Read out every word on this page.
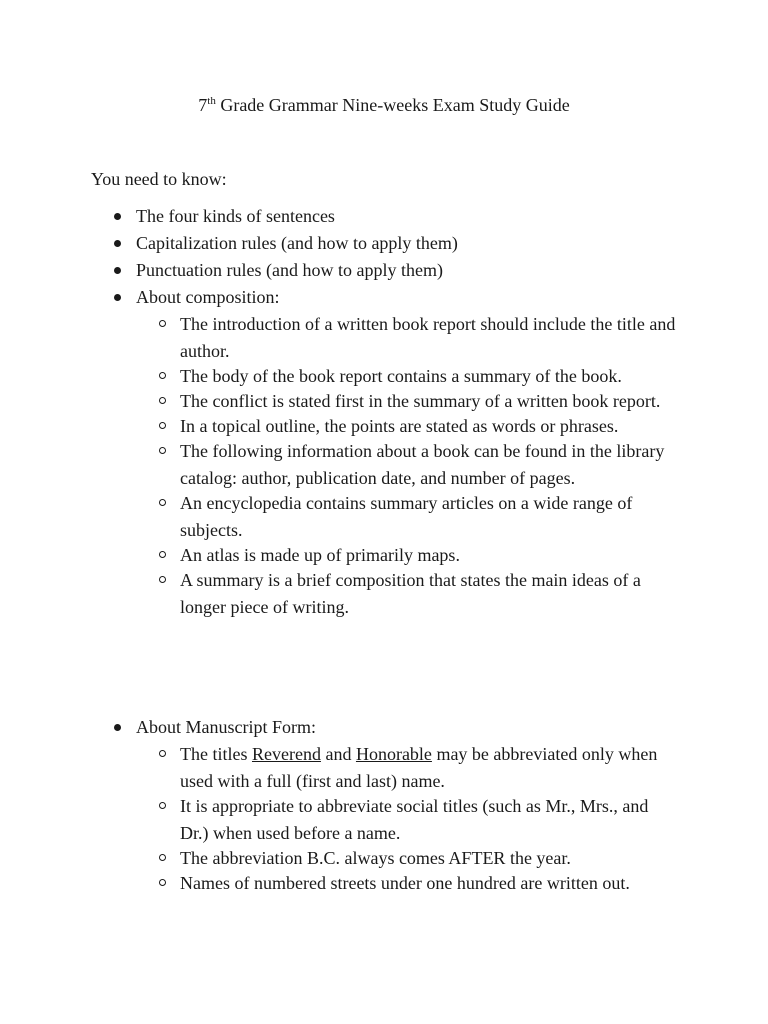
7th Grade Grammar Nine-weeks Exam Study Guide
You need to know:
The four kinds of sentences
Capitalization rules (and how to apply them)
Punctuation rules (and how to apply them)
About composition:
The introduction of a written book report should include the title and author.
The body of the book report contains a summary of the book.
The conflict is stated first in the summary of a written book report.
In a topical outline, the points are stated as words or phrases.
The following information about a book can be found in the library catalog: author, publication date, and number of pages.
An encyclopedia contains summary articles on a wide range of subjects.
An atlas is made up of primarily maps.
A summary is a brief composition that states the main ideas of a longer piece of writing.
About Manuscript Form:
The titles Reverend and Honorable may be abbreviated only when used with a full (first and last) name.
It is appropriate to abbreviate social titles (such as Mr., Mrs., and Dr.) when used before a name.
The abbreviation B.C. always comes AFTER the year.
Names of numbered streets under one hundred are written out.
